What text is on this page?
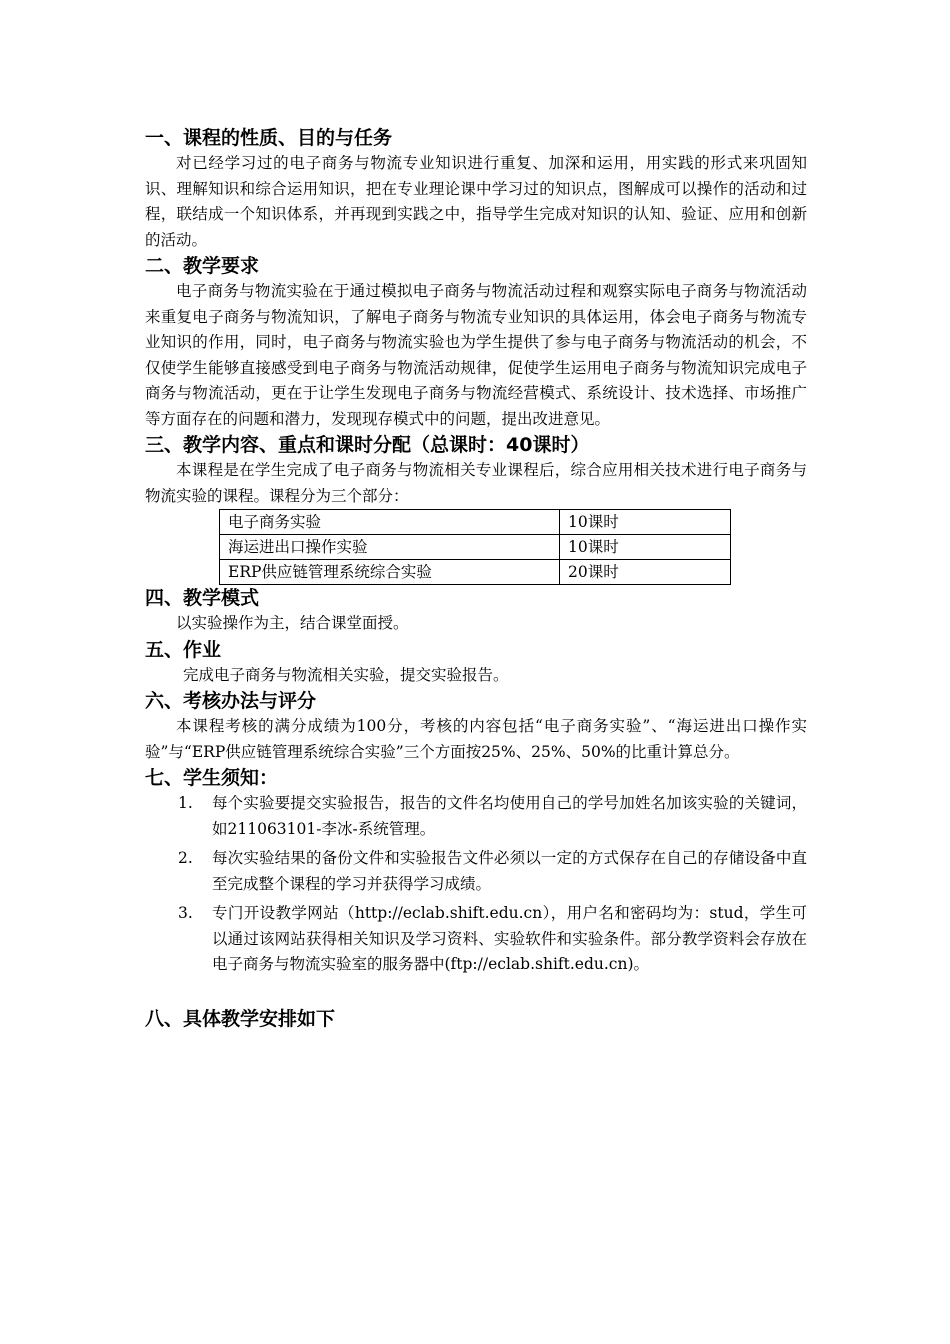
一、课程的性质、目的与任务

对已经学习过的电子商务与物流专业知识进行重复、加深和运用，用实践的形式来巩固知识、理解知识和综合运用知识，把在专业理论课中学习过的知识点，图解成可以操作的活动和过程，联结成一个知识体系，并再现到实践之中，指导学生完成对知识的认知、验证、应用和创新的活动。

二、教学要求

电子商务与物流实验在于通过模拟电子商务与物流活动过程和观察实际电子商务与物流活动来重复电子商务与物流知识，了解电子商务与物流专业知识的具体运用，体会电子商务与物流专业知识的作用，同时，电子商务与物流实验也为学生提供了参与电子商务与物流活动的机会，不仅使学生能够直接感受到电子商务与物流活动规律，促使学生运用电子商务与物流知识完成电子商务与物流活动，更在于让学生发现电子商务与物流经营模式、系统设计、技术选择、市场推广等方面存在的问题和潜力，发现现存模式中的问题，提出改进意见。

三、教学内容、重点和课时分配（总课时：40课时）

本课程是在学生完成了电子商务与物流相关专业课程后，综合应用相关技术进行电子商务与物流实验的课程。课程分为三个部分：

电子商务实验	10课时
海运进出口操作实验	10课时
ERP供应链管理系统综合实验	20课时
四、教学模式

以实验操作为主，结合课堂面授。

五、作业

完成电子商务与物流相关实验，提交实验报告。

六、考核办法与评分

本课程考核的满分成绩为100分，考核的内容包括“电子商务实验”、“海运进出口操作实验”与“ERP供应链管理系统综合实验”三个方面按25%、25%、50%的比重计算总分。

七、学生须知：
1. 每个实验要提交实验报告，报告的文件名均使用自己的学号加姓名加该实验的关键词，如211063101-李冰-系统管理。
2. 每次实验结果的备份文件和实验报告文件必须以一定的方式保存在自己的存储设备中直至完成整个课程的学习并获得学习成绩。
3. 专门开设教学网站（http://eclab.shift.edu.cn），用户名和密码均为：stud，学生可以通过该网站获得相关知识及学习资料、实验软件和实验条件。部分教学资料会存放在电子商务与物流实验室的服务器中(ftp://eclab.shift.edu.cn)。
八、具体教学安排如下
